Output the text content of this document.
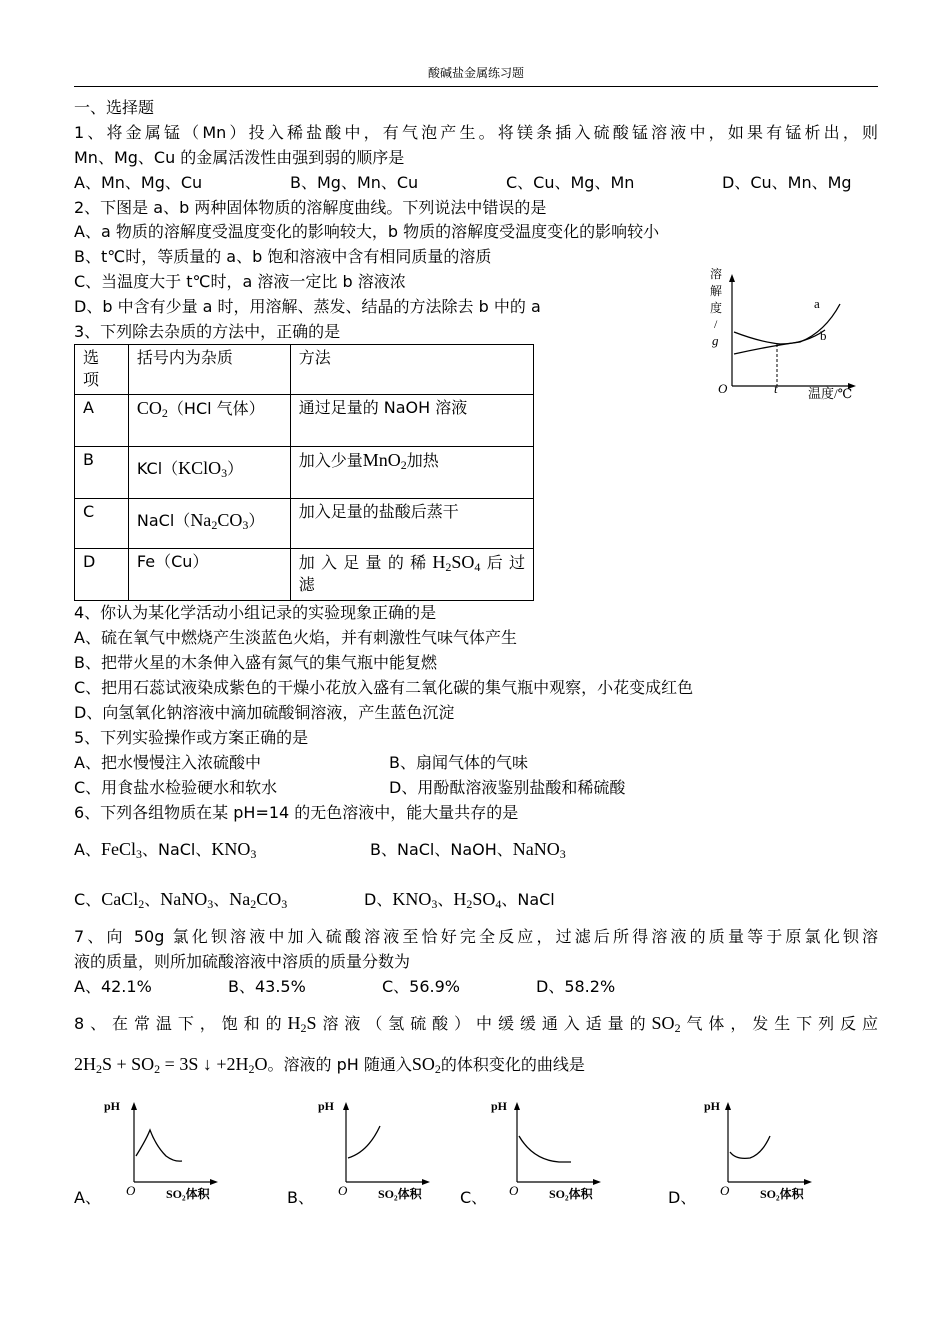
酸碱盐金属练习题
一、选择题
1、将金属锰（Mn）投入稀盐酸中，有气泡产生。将镁条插入硫酸锰溶液中，如果有锰析出，则
Mn、Mg、Cu 的金属活泼性由强到弱的顺序是
A、Mn、Mg、Cu	B、Mg、Mn、Cu	C、Cu、Mg、Mn	D、Cu、Mn、Mg
2、下图是 a、b 两种固体物质的溶解度曲线。下列说法中错误的是
A、a 物质的溶解度受温度变化的影响较大，b 物质的溶解度受温度变化的影响较小
B、t℃时，等质量的 a、b 饱和溶液中含有相同质量的溶质
C、当温度大于 t℃时，a 溶液一定比 b 溶液浓
D、b 中含有少量 a 时，用溶解、蒸发、结晶的方法除去 b 中的 a
溶
解
度
/
g
O	t 温度/℃
a
b
3、下列除去杂质的方法中，正确的是
选
项	括号内为杂质	方法
A	$CO_2(HCl$ 气体）	通过足量的 NaOH 溶液
B	KCl（KClO$_3$）	加入少量MnO$_2$加热
C	$NaCl(Na_2CO_3)$	加入足量的盐酸后蒸干
D	Fe（Cu）	加入足量的稀$H_2SO_4$后过
滤
4、你认为某化学活动小组记录的实验现象正确的是
A、硫在氧气中燃烧产生淡蓝色火焰，并有刺激性气味气体产生
B、把带火星的木条伸入盛有氮气的集气瓶中能复燃
C、把用石蕊试液染成紫色的干燥小花放入盛有二氧化碳的集气瓶中观察，小花变成红色
D、向氢氧化钠溶液中滴加硫酸铜溶液，产生蓝色沉淀
5、下列实验操作或方案正确的是
A、把水慢慢注入浓硫酸中	B、扇闻气体的气味
C、用食盐水检验硬水和软水	D、用酚酞溶液鉴别盐酸和稀硫酸
6、下列各组物质在某 pH=14 的无色溶液中，能大量共存的是
A、FeCl$_3$、NaCl、$KNO_3$	B、NaCl、NaOH、NaNO$_3$
C、CaCl$_2$、NaNO$_3$、$Na_2CO_3$	D、$KNO_3$、$H_2SO_4$、NaCl
7、向 50g 氯化钡溶液中加入硫酸溶液至恰好完全反应，过滤后所得溶液的质量等于原氯化钡溶
液的质量，则所加硫酸溶液中溶质的质量分数为
A、42.1%	B、43.5%	C、56.9%	D、58.2%
8、在常温下，饱和的$H_2S$溶液（氢硫酸）中缓缓通入适量的$SO_2$气体，发生下列反应
$2H_2S + SO_2 = 3S$ ↓ $+2H_2O$。溶液的 pH 随通入$SO_2$的体积变化的曲线是
pH
O	SO₂体积
pH
O	SO₂体积
pH
O	SO₂体积
pH
O	SO₂体积
A、	B、	C、	D、
